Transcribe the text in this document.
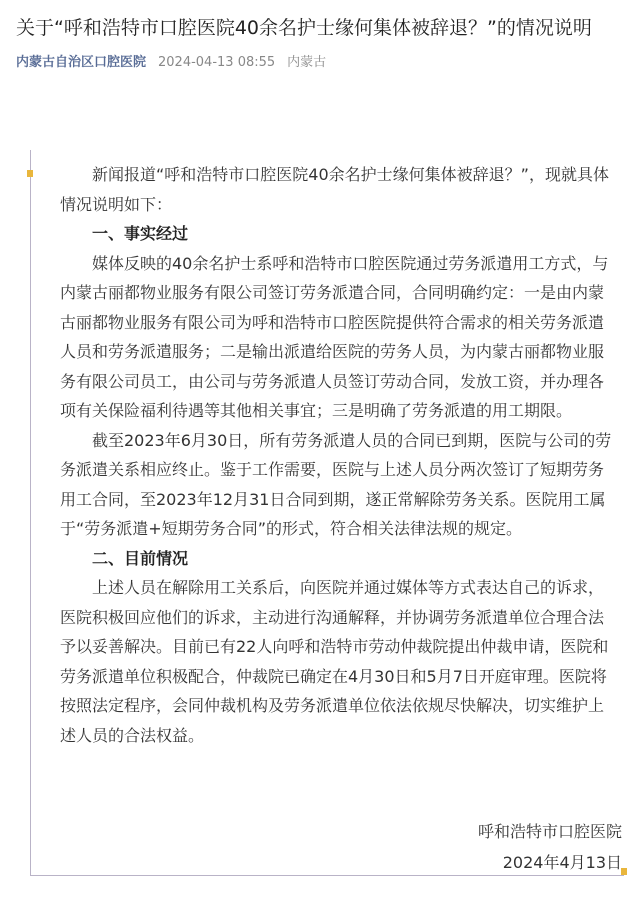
关于“呼和浩特市口腔医院40余名护士缘何集体被辞退？”的情况说明
内蒙古自治区口腔医院 2024-04-13 08:55 内蒙古

新闻报道“呼和浩特市口腔医院40余名护士缘何集体被辞退？”，现就具体
情况说明如下：

一、事实经过

媒体反映的40余名护士系呼和浩特市口腔医院通过劳务派遣用工方式，与
内蒙古丽都物业服务有限公司签订劳务派遣合同，合同明确约定：一是由内蒙
古丽都物业服务有限公司为呼和浩特市口腔医院提供符合需求的相关劳务派遣
人员和劳务派遣服务；二是输出派遣给医院的劳务人员，为内蒙古丽都物业服
务有限公司员工，由公司与劳务派遣人员签订劳动合同，发放工资，并办理各
项有关保险福利待遇等其他相关事宜；三是明确了劳务派遣的用工期限。

截至2023年6月30日，所有劳务派遣人员的合同已到期，医院与公司的劳
务派遣关系相应终止。鉴于工作需要，医院与上述人员分两次签订了短期劳务
用工合同，至2023年12月31日合同到期，遂正常解除劳务关系。医院用工属
于“劳务派遣+短期劳务合同”的形式，符合相关法律法规的规定。

二、目前情况

上述人员在解除用工关系后，向医院并通过媒体等方式表达自己的诉求，
医院积极回应他们的诉求，主动进行沟通解释，并协调劳务派遣单位合理合法
予以妥善解决。目前已有22人向呼和浩特市劳动仲裁院提出仲裁申请，医院和
劳务派遣单位积极配合，仲裁院已确定在4月30日和5月7日开庭审理。医院将
按照法定程序，会同仲裁机构及劳务派遣单位依法依规尽快解决，切实维护上
述人员的合法权益。

呼和浩特市口腔医院
2024年4月13日
